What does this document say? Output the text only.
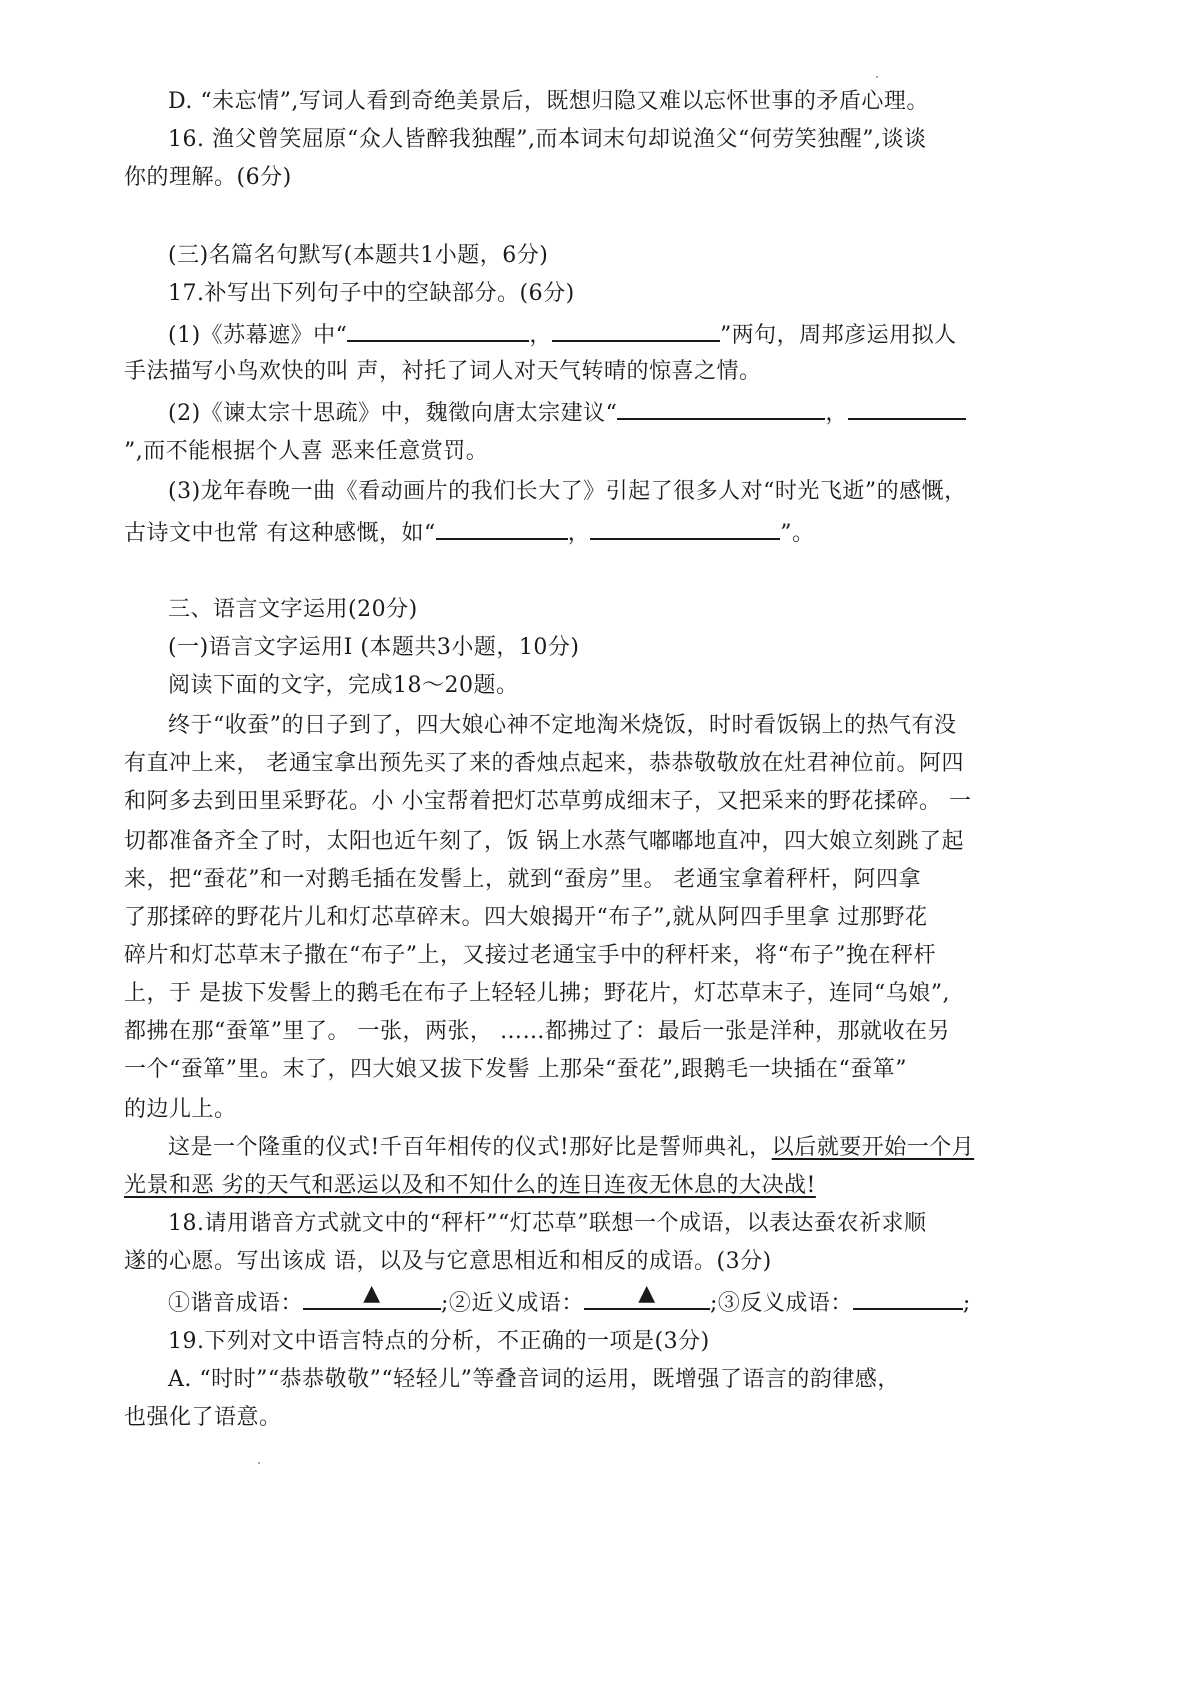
D. “未忘情”,写词人看到奇绝美景后，既想归隐又难以忘怀世事的矛盾心理。
16. 渔父曾笑屈原“众人皆醉我独醒”,而本词末句却说渔父“何劳笑独醒”,谈谈
你的理解。(6分)
(三)名篇名句默写(本题共1小题，6分)
17.补写出下列句子中的空缺部分。(6分)
(1)《苏幕遮》中“	，	”两句，周邦彦运用拟人
手法描写小鸟欢快的叫 声，衬托了词人对天气转晴的惊喜之情。
(2)《谏太宗十思疏》中，魏徵向唐太宗建议“	，
”,而不能根据个人喜 恶来任意赏罚。
(3)龙年春晚一曲《看动画片的我们长大了》引起了很多人对“时光飞逝”的感慨，
古诗文中也常 有这种感慨，如“	，	”。
三、语言文字运用(20分)
(一)语言文字运用I (本题共3小题，10分)
阅读下面的文字，完成18～20题。
终于“收蚕”的日子到了，四大娘心神不定地淘米烧饭，时时看饭锅上的热气有没
有直冲上来， 老通宝拿出预先买了来的香烛点起来，恭恭敬敬放在灶君神位前。阿四
和阿多去到田里采野花。小 小宝帮着把灯芯草剪成细末子，又把采来的野花揉碎。 一
切都准备齐全了时，太阳也近午刻了，饭 锅上水蒸气嘟嘟地直冲，四大娘立刻跳了起
来，把“蚕花”和一对鹅毛插在发髻上，就到“蚕房”里。 老通宝拿着秤杆，阿四拿
了那揉碎的野花片儿和灯芯草碎末。四大娘揭开“布子”,就从阿四手里拿 过那野花
碎片和灯芯草末子撒在“布子”上，又接过老通宝手中的秤杆来，将“布子”挽在秤杆
上，于 是拔下发髻上的鹅毛在布子上轻轻儿拂；野花片，灯芯草末子，连同“乌娘”,
都拂在那“蚕箪”里了。 一张，两张， ……都拂过了：最后一张是洋种，那就收在另
一个“蚕箪”里。末了，四大娘又拔下发髻 上那朵“蚕花”,跟鹅毛一块插在“蚕箪”
的边儿上。
这是一个隆重的仪式!千百年相传的仪式!那好比是誓师典礼，以后就要开始一个月
光景和恶 劣的天气和恶运以及和不知什么的连日连夜无休息的大决战!
18.请用谐音方式就文中的“秤杆”“灯芯草”联想一个成语，以表达蚕农祈求顺
遂的心愿。写出该成 语，以及与它意思相近和相反的成语。(3分)
①谐音成语：	▲	;②近义成语：	▲	;③反义成语：	;
19.下列对文中语言特点的分析，不正确的一项是(3分)
A. “时时”“恭恭敬敬”“轻轻儿”等叠音词的运用，既增强了语言的韵律感，
也强化了语意。
